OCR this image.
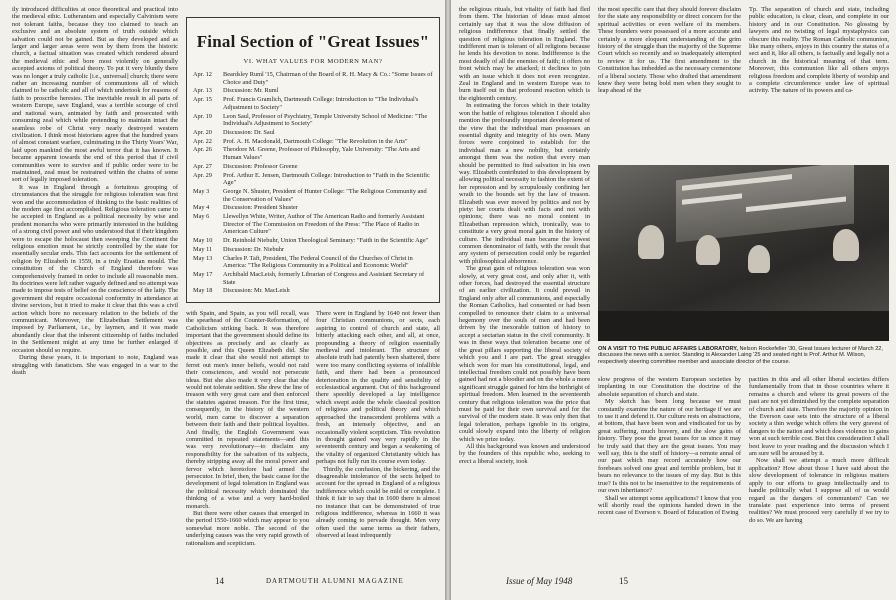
ily introduced difficulties at once theoretical and practical into the medieval ethic. Lutheranism and especially Calvinism were not tolerant faiths, because they too claimed to teach an exclusive and an absolute system of truth outside which salvation could not be gained. But as they developed and as larger and larger areas were won by them from the historic church, a factual situation was created which rendered absurd the medieval ethic and bore most violently on generally accepted axioms of political theory. To put it very bluntly there was no longer a truly catholic [i.e., universal] church; there were rather an increasing number of communions all of which claimed to be catholic and all of which undertook for reasons of faith to proscribe heresies. The inevitable result in all parts of western Europe, save England, was a terrible scourge of civil and national wars, animated by faith and prosecuted with consuming zeal which while pretending to maintain intact the seamless robe of Christ very nearly destroyed western civilization. I think most historians agree that the hundred years of almost constant warfare, culminating in the Thirty Years' War, laid upon mankind the most awful terror that it has known. It became apparent towards the end of this period that if civil communities were to survive and if public order were to be maintained, zeal must be restrained within the chains of some sort of legally imposed toleration.

It was in England through a fortuitous grouping of circumstances that the struggle for religious toleration was first won and the accommodation of thinking to the basic realities of the modern age first accomplished. Religious toleration came to be accepted in England as a political necessity by wise and prudent monarchs who were primarily interested in the building of a strong civil power and who understood that if their kingdom were to escape the holocaust then sweeping the Continent the religious emotion must be strictly controlled by the state for essentially secular ends. This fact accounts for the settlement of religion by Elizabeth in 1559, in a truly Erastian mould. The constitution of the Church of England therefore was comprehensively framed in order to include all reasonable men. Its doctrines were left rather vaguely defined and no attempt was made to impose tests of belief on the conscience of the laity. The government did require occasional conformity in attendance at divine services, but it tried to make it clear that this was a civil action which bore no necessary relation to the beliefs of the communicant. Moreover, the Elizabethan Settlement was imposed by Parliament, i.e., by laymen, and it was made abundantly clear that the inherent citizenship of faiths included in the Settlement might at any time be further enlarged if occasion should so require.

During these years, it is important to note, England was struggling with fanaticism. She was engaged in a war to the death

Final Section of "Great Issues"
VI. WHAT VALUES FOR MODERN MAN?
Apr. 12	Beardsley Ruml '15, Chairman of the Board of R. H. Macy & Co.: "Some Issues of Choice and Duty"
Apr. 13	Discussion: Mr. Ruml
Apr. 15	Prof. Francis Gramlich, Dartmouth College: Introduction to "The Individual's Adjustment to Society"
Apr. 19	Leon Saul, Professor of Psychiatry, Temple University School of Medicine: "The Individual's Adjustment to Society"
Apr. 20	Discussion: Dr. Saul
Apr. 22	Prof. A. H. Macdonald, Dartmouth College: "The Revolution in the Arts"
Apr. 26	Theodore M. Greene, Professor of Philosophy, Yale University: "The Arts and Human Values"
Apr. 27	Discussion: Professor Greene
Apr. 29	Prof. Arthur E. Jensen, Dartmouth College: Introduction to "Faith in the Scientific Age"
May 3	George N. Shuster, President of Hunter College: "The Religious Community and the Conservation of Values"
May 4	Discussion: President Shuster
May 6	Llewellyn White, Writer, Author of The American Radio and formerly Assistant Director of The Commission on Freedom of the Press: "The Place of Radio in American Culture"
May 10	Dr. Reinhold Niebuhr, Union Theological Seminary: "Faith in the Scientific Age"
May 11	Discussion: Dr. Niebuhr
May 13	Charles P. Taft, President, The Federal Council of the Churches of Christ in America: "The Religious Community in a Political and Economic World"
May 17	Archibald MacLeish, formerly Librarian of Congress and Assistant Secretary of State
May 18	Discussion: Mr. MacLeish

with Spain, and Spain, as you will recall, was the spearhead of the Counter-Reformation, of Catholicism striking back. It was therefore important that the government should define its objectives as precisely and as clearly as possible, and this Queen Elizabeth did. She made it clear that she would not attempt to ferret out men's inner beliefs, would not raid their consciences, and would not persecute ideas. But she also made it very clear that she would not tolerate sedition. She drew the line of treason with very great care and then enforced the statutes against treason. For the first time, consequently, in the history of the western world, men came to discover a separation between their faith and their political loyalties. And finally, the English Government was committed in repeated statements—and this was very revolutionary—to disclaim any responsibility for the salvation of its subjects, thereby stripping away all the moral power and fervor which heretofore had armed the persecutor. In brief, then, the basic cause for the development of legal toleration in England was the political necessity which dominated the thinking of a wise and a very hard-boiled monarch.

But there were other causes that emerged in the period 1550-1660 which may appear to you somewhat more noble. The second of the underlying causes was the very rapid growth of rationalism and scepticism.

There were in England by 1640 not fewer than four Christian communions, or sects, each aspiring to control of church and state, all bitterly attacking each other, and all, at once, propounding a theory of religion essentially medieval and intolerant. The structure of absolute truth had patently been shattered, there were too many conflicting systems of infallible faith, and there had been a pronounced deterioration in the quality and sensibility of ecclesiastical argument. Out of this background there speedily developed a lay intelligence which swept aside the whole classical position of religious and political theory and which approached the transcendent problems with a fresh, an intensely objective, and an occasionally violent scepticism. This revolution in thought gained way very rapidly in the seventeenth century and began a weakening of the vitality of organized Christianity which has perhaps not fully run its course even today.

Thirdly, the confusion, the bickering, and the disagreeable intolerance of the sects helped to account for the spread in England of a religious indifference which could be mild or complete. I think it fair to say that in 1600 there is almost no instance that can be demonstrated of true religious indifference, whereas in 1660 it was already coming to pervade thought. Men very often used the same terms as their fathers, observed at least infrequently

14	DARTMOUTH ALUMNI MAGAZINE

the religious rituals, but vitality of faith had fled from them. The historian of ideas must almost certainly say that it was the slow diffusion of religious indifference that finally settled the question of religious toleration in England. The indifferent man is tolerant of all religions because he lends his devotion to none. Indifference is the most deadly of all the enemies of faith; it offers no front which may be attacked; it declines to join with an issue which it does not even recognize. Zeal in England and in western Europe was to burn itself out in that profound reaction which is the eighteenth century.

In estimating the forces which in their totality won the battle of religious toleration I should also mention the profoundly important development of the view that the individual man possesses an essential dignity and integrity of his own. Many forces were conjoined to establish for the individual man a new nobility, but certainly amongst them was the notion that every man should be permitted to find salvation in his own way. Elizabeth contributed to this development by allowing political necessity to fashion the extent of her repression and by scrupulously confining her wrath to the bounds set by the law of treason. Elizabeth was ever moved by politics and not by piety: her courts dealt with facts and not with opinions; there was no moral content in Elizabethan repression which, ironically, was to constitute a very great moral gain in the history of culture. The individual man became the lowest common denominator of faith, with the result that any system of persecution could only be regarded with philosophical abhorrence.

The great gain of religious toleration was won slowly, at very great cost, and only after it, with other forces, had destroyed the essential structure of an earlier civilization. It could prevail in England only after all communions, and especially the Roman Catholics, had consented or had been compelled to renounce their claim to a universal hegemony over the souls of men and had been driven by the inexorable tuition of history to accept a sectarian status in the civil community. It was in these ways that toleration became one of the great pillars supporting the liberal society of which you and I are part. The great struggles which won for man his constitutional, legal, and intellectual freedom could not possibly have been gained had not a bloodier and on the whole a more significant struggle gained for him the birthright of spiritual freedom. Men learned in the seventeenth century that religious toleration was the price that must be paid for their own survival and for the survival of the modern state. It was only then that legal toleration, perhaps ignoble in its origins, could slowly expand into the liberty of religion which we prize today.

All this background was known and understood by the founders of this republic who, seeking to erect a liberal society, took

the most specific care that they should forever disclaim for the state any responsibility or direct concern for the spiritual activities or even welfare of its members. These founders were possessed of a more accurate and certainly a more eloquent understanding of the grim history of the struggle than the majority of the Supreme Court which so recently and so inadequately attempted to review it for us. The first amendment to the Constitution has imbedded as the necessary cornerstone of a liberal society. Those who drafted that amendment knew they were being bold men when they sought to leap ahead of the

Tp. The separation of church and state, including public education, is clear, clean, and complete in our history and in our Constitution. No glossing by lawyers and no twisting of legal mystaphysics can obscure this reality. The Roman Catholic communion, like many others, enjoys in this country the status of a sect and it, like all others, is factually and legally not a church in the historical meaning of that term. Moreover, this communion like all others enjoys religious freedom and complete liberty of worship and a complete circumference under law of spiritual activity. The nature of its powers and ca-

ON A VISIT TO THE PUBLIC AFFAIRS LABORATORY, Nelson Rockefeller '30, Great Issues lecturer of March 22, discusses the news with a senior. Standing is Alexander Laing '25 and seated right is Prof. Arthur M. Wilson, respectively steering committee member and associate director of the course.

slow progress of the western European societies by implanting in our Constitution the doctrine of the absolute separation of church and state.

My sketch has been long because we must constantly examine the nature of our heritage if we are to use it and defend it. Our culture rests on abstractions, at bottom, that have been won and vindicated for us by great suffering, much bravery, and the slow gains of history. They pose the great issues for us since it may be truly said that they are the great issues. You may well say, this is the stuff of history—a remote annal of our past which may record accurately how our forebears solved one great and terrible problem, but it bears no relevance to the issues of my day. But is this true? Is this not to be insensitive to the requirements of our own inheritance?

Shall we attempt some applications? I know that you will shortly read the opinions handed down in the recent case of Everson v. Board of Education of Ewing

pacities in this and all other liberal societies differs fundamentally from that in those countries where it remains a church and where its great powers of the past are not yet diminished by the complete separation of church and state. Therefore the majority opinion in the Everson case sets into the structure of a liberal society a thin wedge which offers the very gravest of dangers to the nation and which does violence to gains won at such terrible cost. But this consideration I shall best leave to your reading and the discussion which I am sure will be aroused by it.

Now shall we attempt a much more difficult application? How about those I have said about the slow development of tolerance in religious matters apply to our efforts to grasp intellectually and to handle politically what I suppose all of us would regard as the dangers of communism? Can we translate past experience into terms of present realities? We must proceed very carefully if we try to do so. We are having

Issue of May 1948	15
